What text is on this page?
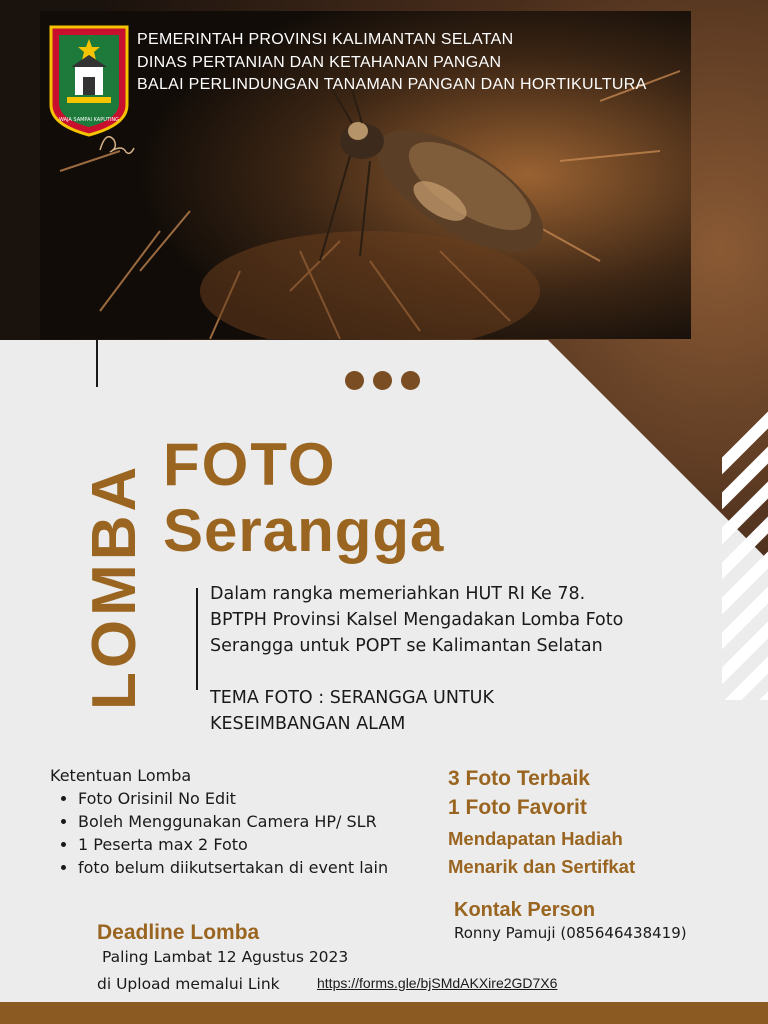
WAJA SAMPAI KAPUTING
PEMERINTAH PROVINSI KALIMANTAN SELATAN
DINAS PERTANIAN DAN KETAHANAN PANGAN
BALAI PERLINDUNGAN TANAMAN PANGAN DAN HORTIKULTURA
LOMBA FOTO
Serangga
Dalam rangka memeriahkan HUT RI Ke 78.
BPTPH Provinsi Kalsel Mengadakan Lomba Foto
Serangga untuk POPT se Kalimantan Selatan
TEMA FOTO : SERANGGA UNTUK KESEIMBANGAN ALAM
Ketentuan Lomba
• Foto Orisinil No Edit
• Boleh Menggunakan Camera HP/ SLR
• 1 Peserta max 2 Foto
• foto belum diikutsertakan di event lain
3 Foto Terbaik
1 Foto Favorit
Mendapatan Hadiah
Menarik dan Sertifkat
Kontak Person
Ronny Pamuji (085646438419)
Deadline Lomba
Paling Lambat 12 Agustus 2023
di Upload memalui Link	https://forms.gle/bjSMdAKXire2GD7X6
